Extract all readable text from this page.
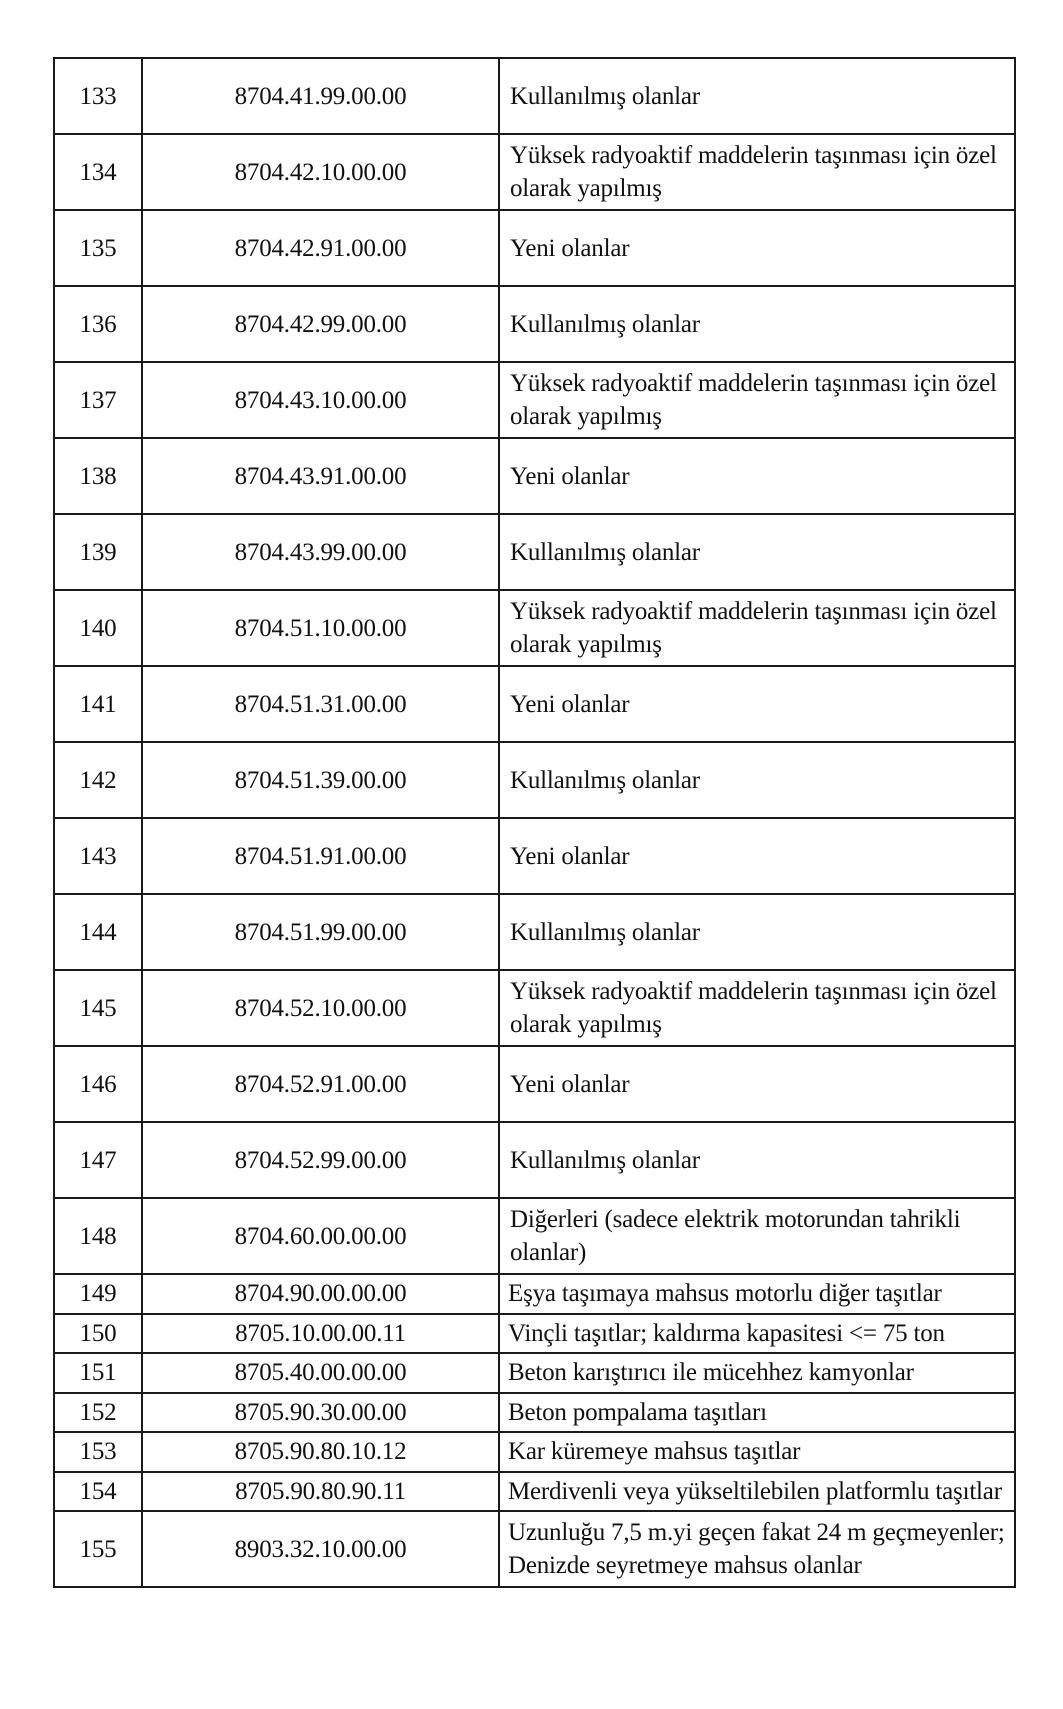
133	8704.41.99.00.00	Kullanılmış olanlar
134	8704.42.10.00.00
Yüksek radyoaktif maddelerin taşınması için özel
olarak yapılmış
135	8704.42.91.00.00	Yeni olanlar
136	8704.42.99.00.00	Kullanılmış olanlar
137	8704.43.10.00.00
Yüksek radyoaktif maddelerin taşınması için özel
olarak yapılmış
138	8704.43.91.00.00	Yeni olanlar
139	8704.43.99.00.00	Kullanılmış olanlar
140	8704.51.10.00.00
Yüksek radyoaktif maddelerin taşınması için özel
olarak yapılmış
141	8704.51.31.00.00	Yeni olanlar
142	8704.51.39.00.00	Kullanılmış olanlar
143	8704.51.91.00.00	Yeni olanlar
144	8704.51.99.00.00	Kullanılmış olanlar
145	8704.52.10.00.00
Yüksek radyoaktif maddelerin taşınması için özel
olarak yapılmış
146	8704.52.91.00.00	Yeni olanlar
147	8704.52.99.00.00	Kullanılmış olanlar
148	8704.60.00.00.00
Diğerleri (sadece elektrik motorundan tahrikli
olanlar)
149	8704.90.00.00.00	Eşya taşımaya mahsus motorlu diğer taşıtlar
150	8705.10.00.00.11	Vinçli taşıtlar; kaldırma kapasitesi <= 75 ton
151	8705.40.00.00.00	Beton karıştırıcı ile mücehhez kamyonlar
152	8705.90.30.00.00	Beton pompalama taşıtları
153	8705.90.80.10.12	Kar küremeye mahsus taşıtlar
154	8705.90.80.90.11	Merdivenli veya yükseltilebilen platformlu taşıtlar
155	8903.32.10.00.00
Uzunluğu 7,5 m.yi geçen fakat 24 m geçmeyenler;
Denizde seyretmeye mahsus olanlar
